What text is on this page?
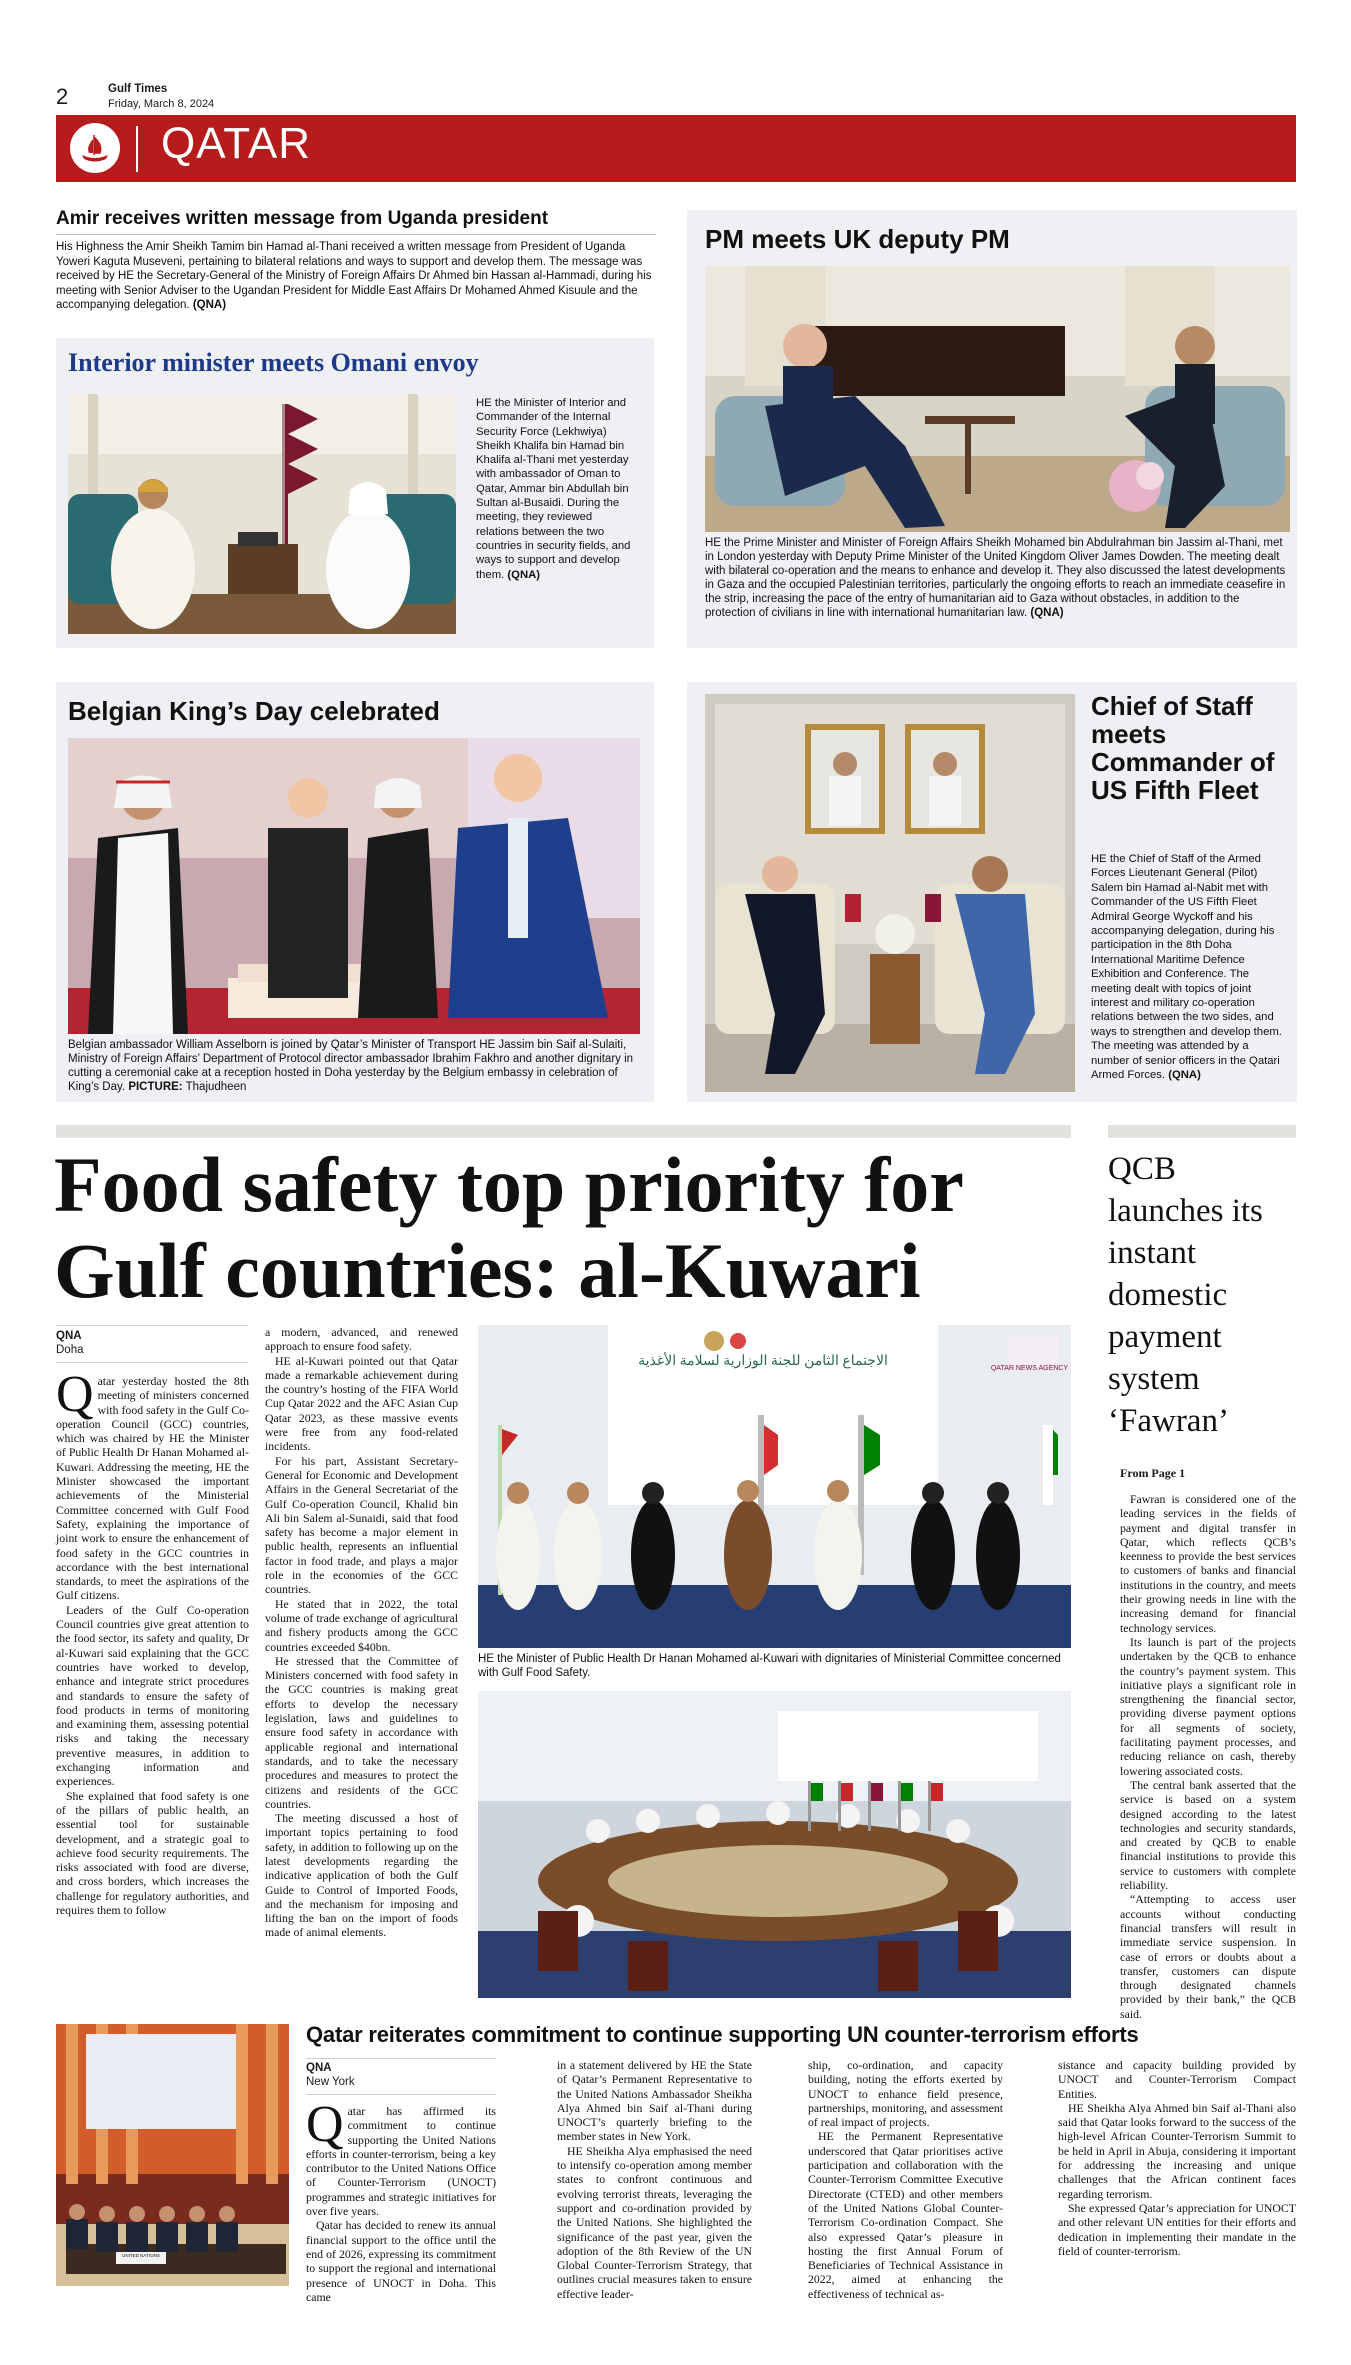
2	Gulf Times
Friday, March 8, 2024
QATAR
Amir receives written message from Uganda president
His Highness the Amir Sheikh Tamim bin Hamad al-Thani received a written message from President of Uganda Yoweri Kaguta Museveni, pertaining to bilateral relations and ways to support and develop them. The message was received by HE the Secretary-General of the Ministry of Foreign Affairs Dr Ahmed bin Hassan al-Hammadi, during his meeting with Senior Adviser to the Ugandan President for Middle East Affairs Dr Mohamed Ahmed Kisuule and the accompanying delegation. (QNA)
Interior minister meets Omani envoy
HE the Minister of Interior and Commander of the Internal Security Force (Lekhwiya) Sheikh Khalifa bin Hamad bin Khalifa al-Thani met yesterday with ambassador of Oman to Qatar, Ammar bin Abdullah bin Sultan al-Busaidi. During the meeting, they reviewed relations between the two countries in security fields, and ways to support and develop them. (QNA)
PM meets UK deputy PM
HE the Prime Minister and Minister of Foreign Affairs Sheikh Mohamed bin Abdulrahman bin Jassim al-Thani, met in London yesterday with Deputy Prime Minister of the United Kingdom Oliver James Dowden. The meeting dealt with bilateral co-operation and the means to enhance and develop it. They also discussed the latest developments in Gaza and the occupied Palestinian territories, particularly the ongoing efforts to reach an immediate ceasefire in the strip, increasing the pace of the entry of humanitarian aid to Gaza without obstacles, in addition to the protection of civilians in line with international humanitarian law. (QNA)
Belgian King’s Day celebrated
Belgian ambassador William Asselborn is joined by Qatar’s Minister of Transport HE Jassim bin Saif al-Sulaiti, Ministry of Foreign Affairs’ Department of Protocol director ambassador Ibrahim Fakhro and another dignitary in cutting a ceremonial cake at a reception hosted in Doha yesterday by the Belgium embassy in celebration of King’s Day. PICTURE: Thajudheen
Chief of Staff meets Commander of US Fifth Fleet
HE the Chief of Staff of the Armed Forces Lieutenant General (Pilot) Salem bin Hamad al-Nabit met with Commander of the US Fifth Fleet Admiral George Wyckoff and his accompanying delegation, during his participation in the 8th Doha International Maritime Defence Exhibition and Conference. The meeting dealt with topics of joint interest and military co-operation relations between the two sides, and ways to strengthen and develop them. The meeting was attended by a number of senior officers in the Qatari Armed Forces. (QNA)
Food safety top priority for
Gulf countries: al-Kuwari
QNA
Doha
Q atar yesterday hosted the 8th meeting of ministers concerned with food safety in the Gulf Co-operation Council (GCC) countries, which was chaired by HE the Minister of Public Health Dr Hanan Mohamed al-Kuwari. Addressing the meeting, HE the Minister showcased the important achievements of the Ministerial Committee concerned with Gulf Food Safety, explaining the importance of joint work to ensure the enhancement of food safety in the GCC countries in accordance with the best international standards, to meet the aspirations of the Gulf citizens.

Leaders of the Gulf Co-operation Council countries give great attention to the food sector, its safety and quality, Dr al-Kuwari said explaining that the GCC countries have worked to develop, enhance and integrate strict procedures and standards to ensure the safety of food products in terms of monitoring and examining them, assessing potential risks and taking the necessary preventive measures, in addition to exchanging information and experiences.

She explained that food safety is one of the pillars of public health, an essential tool for sustainable development, and a strategic goal to achieve food security requirements. The risks associated with food are diverse, and cross borders, which increases the challenge for regulatory authorities, and requires them to follow

a modern, advanced, and renewed approach to ensure food safety.

HE al-Kuwari pointed out that Qatar made a remarkable achievement during the country’s hosting of the FIFA World Cup Qatar 2022 and the AFC Asian Cup Qatar 2023, as these massive events were free from any food-related incidents.

For his part, Assistant Secretary-General for Economic and Development Affairs in the General Secretariat of the Gulf Co-operation Council, Khalid bin Ali bin Salem al-Sunaidi, said that food safety has become a major element in public health, represents an influential factor in food trade, and plays a major role in the economies of the GCC countries.

He stated that in 2022, the total volume of trade exchange of agricultural and fishery products among the GCC countries exceeded $40bn.

He stressed that the Committee of Ministers concerned with food safety in the GCC countries is making great efforts to develop the necessary legislation, laws and guidelines to ensure food safety in accordance with applicable regional and international standards, and to take the necessary procedures and measures to protect the citizens and residents of the GCC countries.

The meeting discussed a host of important topics pertaining to food safety, in addition to following up on the latest developments regarding the indicative application of both the Gulf Guide to Control of Imported Foods, and the mechanism for imposing and lifting the ban on the import of foods made of animal elements.

الاجتماع الثامن للجنة الوزارية لسلامة الأغذية	QATAR NEWS AGENCY
HE the Minister of Public Health Dr Hanan Mohamed al-Kuwari with dignitaries of Ministerial Committee concerned with Gulf Food Safety.
QCB launches its instant domestic payment system ‘Fawran’
From Page 1

Fawran is considered one of the leading services in the fields of payment and digital transfer in Qatar, which reflects QCB’s keenness to provide the best services to customers of banks and financial institutions in the country, and meets their growing needs in line with the increasing demand for financial technology services.

Its launch is part of the projects undertaken by the QCB to enhance the country’s payment system. This initiative plays a significant role in strengthening the financial sector, providing diverse payment options for all segments of society, facilitating payment processes, and reducing reliance on cash, thereby lowering associated costs.

The central bank asserted that the service is based on a system designed according to the latest technologies and security standards, and created by QCB to enable financial institutions to provide this service to customers with complete reliability.

“Attempting to access user accounts without conducting financial transfers will result in immediate service suspension. In case of errors or doubts about a transfer, customers can dispute through designated channels provided by their bank,” the QCB said.

Qatar reiterates commitment to continue supporting UN counter-terrorism efforts
UNITED NATIONS
QNA
New York
Q atar has affirmed its commitment to continue supporting the United Nations efforts in counter-terrorism, being a key contributor to the United Nations Office of Counter-Terrorism (UNOCT) programmes and strategic initiatives for over five years.

Qatar has decided to renew its annual financial support to the office until the end of 2026, expressing its commitment to support the regional and international presence of UNOCT in Doha. This came

in a statement delivered by HE the State of Qatar’s Permanent Representative to the United Nations Ambassador Sheikha Alya Ahmed bin Saif al-Thani during UNOCT’s quarterly briefing to the member states in New York.

HE Sheikha Alya emphasised the need to intensify co-operation among member states to confront continuous and evolving terrorist threats, leveraging the support and co-ordination provided by the United Nations. She highlighted the significance of the past year, given the adoption of the 8th Review of the UN Global Counter-Terrorism Strategy, that outlines crucial measures taken to ensure effective leader-

ship, co-ordination, and capacity building, noting the efforts exerted by UNOCT to enhance field presence, partnerships, monitoring, and assessment of real impact of projects.

HE the Permanent Representative underscored that Qatar prioritises active participation and collaboration with the Counter-Terrorism Committee Executive Directorate (CTED) and other members of the United Nations Global Counter-Terrorism Co-ordination Compact. She also expressed Qatar’s pleasure in hosting the first Annual Forum of Beneficiaries of Technical Assistance in 2022, aimed at enhancing the effectiveness of technical as-

sistance and capacity building provided by UNOCT and Counter-Terrorism Compact Entities.

HE Sheikha Alya Ahmed bin Saif al-Thani also said that Qatar looks forward to the success of the high-level African Counter-Terrorism Summit to be held in April in Abuja, considering it important for addressing the increasing and unique challenges that the African continent faces regarding terrorism.

She expressed Qatar’s appreciation for UNOCT and other relevant UN entities for their efforts and dedication in implementing their mandate in the field of counter-terrorism.
